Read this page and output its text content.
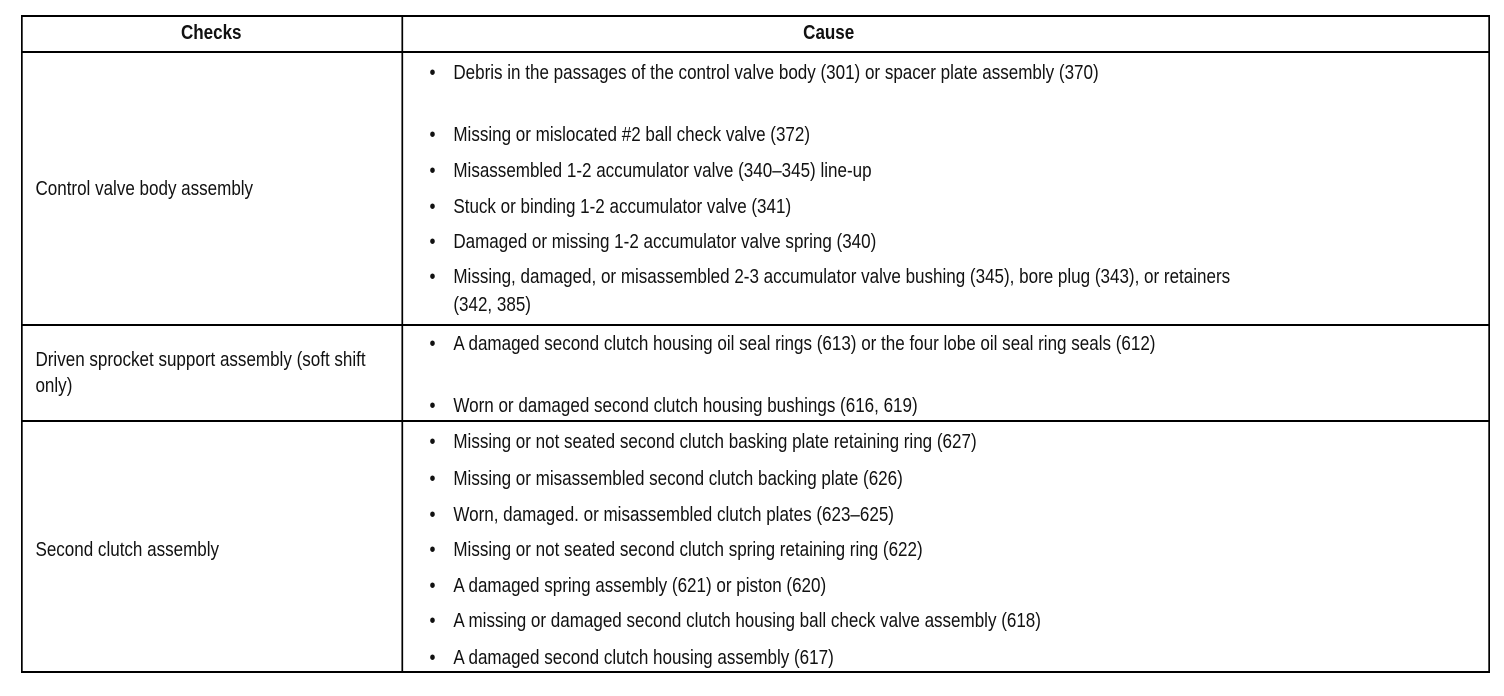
Checks	Cause
Control valve body assembly
• Debris in the passages of the control valve body (301) or spacer plate assembly (370)
• Missing or mislocated #2 ball check valve (372)
• Misassembled 1-2 accumulator valve (340–345) line-up
• Stuck or binding 1-2 accumulator valve (341)
• Damaged or missing 1-2 accumulator valve spring (340)
• Missing, damaged, or misassembled 2-3 accumulator valve bushing (345), bore plug (343), or retainers (342, 385)
Driven sprocket support assembly (soft shift only)
• A damaged second clutch housing oil seal rings (613) or the four lobe oil seal ring seals (612)
• Worn or damaged second clutch housing bushings (616, 619)
Second clutch assembly
• Missing or not seated second clutch basking plate retaining ring (627)
• Missing or misassembled second clutch backing plate (626)
• Worn, damaged. or misassembled clutch plates (623–625)
• Missing or not seated second clutch spring retaining ring (622)
• A damaged spring assembly (621) or piston (620)
• A missing or damaged second clutch housing ball check valve assembly (618)
• A damaged second clutch housing assembly (617)
